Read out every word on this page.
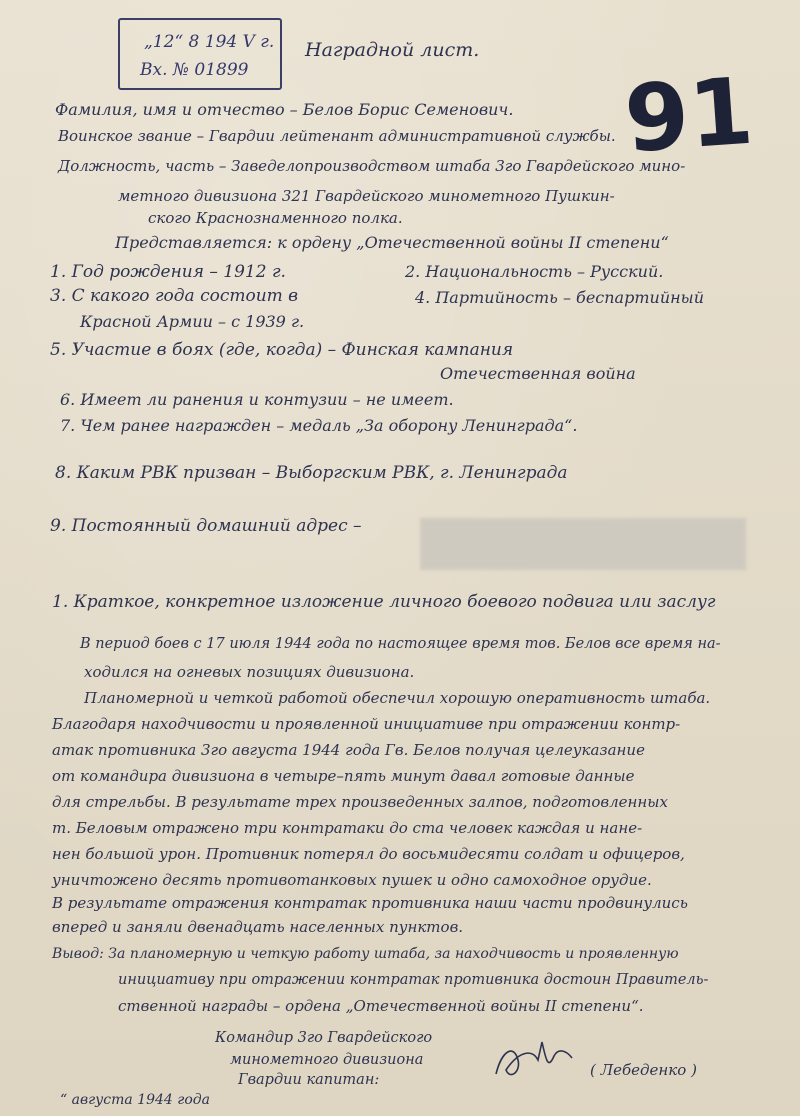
„12“ 8 194 V г.
Вх. № 01899
Наградной лист.
91
Фамилия, имя и отчество – Белов Борис Семенович.
Воинское звание – Гвардии лейтенант административной службы.
Должность, часть – Заведелопроизводством штаба 3го Гвардейского мино-
метного дивизиона 321 Гвардейского минометного Пушкин-
ского Краснознаменного полка.
Представляется: к ордену „Отечественной войны II степени“
1. Год рождения – 1912 г.	2. Национальность – Русский.
3. С какого года состоит в	4. Партийность – беспартийный
Красной Армии – с 1939 г.
5. Участие в боях (где, когда) – Финская кампания
Отечественная война
6. Имеет ли ранения и контузии – не имеет.
7. Чем ранее награжден – медаль „За оборону Ленинграда“.
8. Каким РВК призван – Выборгским РВК, г. Ленинграда
9. Постоянный домашний адрес –
1. Краткое, конкретное изложение личного боевого подвига или заслуг
В период боев с 17 июля 1944 года по настоящее время тов. Белов все время на-
ходился на огневых позициях дивизиона.
Планомерной и четкой работой обеспечил хорошую оперативность штаба.
Благодаря находчивости и проявленной инициативе при отражении контр-
атак противника 3го августа 1944 года Гв. Белов получая целеуказание
от командира дивизиона в четыре–пять минут давал готовые данные
для стрельбы. В результате трех произведенных залпов, подготовленных
т. Беловым отражено три контратаки до ста человек каждая и нане-
нен большой урон. Противник потерял до восьмидесяти солдат и офицеров,
уничтожено десять противотанковых пушек и одно самоходное орудие.
В результате отражения контратак противника наши части продвинулись
вперед и заняли двенадцать населенных пунктов.
Вывод: За планомерную и четкую работу штаба, за находчивость и проявленную
инициативу при отражении контратак противника достоин Правитель-
ственной награды – ордена „Отечественной войны II степени“.
Командир 3го Гвардейского
минометного дивизиона
Гвардии капитан:
( Лебеденко )
“ августа 1944 года
